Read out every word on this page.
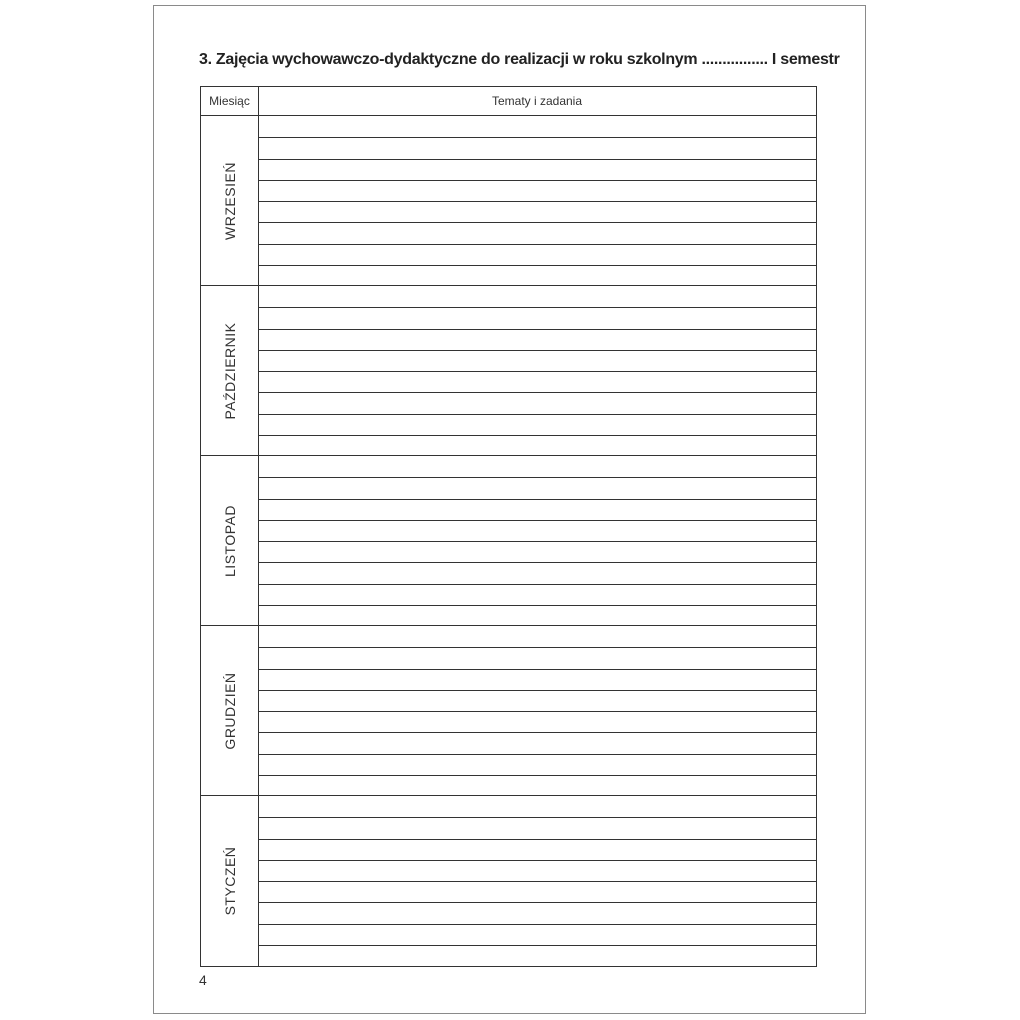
3. Zajęcia wychowawczo-dydaktyczne do realizacji w roku szkolnym ................ I semestr
Miesiąc	Tematy i zadania
WRZESIEŃ
PAŹDZIERNIK
LISTOPAD
GRUDZIEŃ
STYCZEŃ
4
